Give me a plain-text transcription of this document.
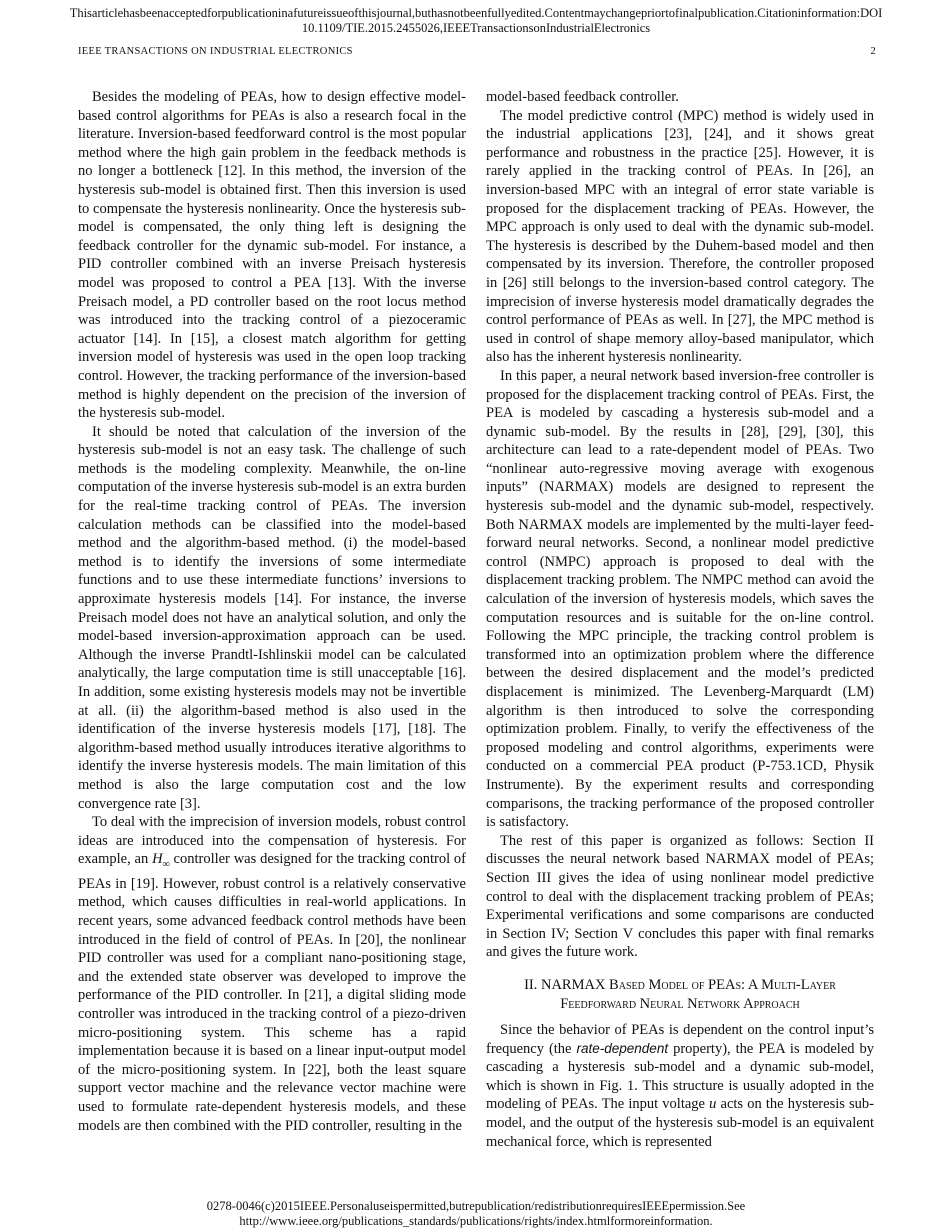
Thisarticlehasbeenacceptedforpublicationinafutureissueofthisjournal,buthasnotbeenfullyedited.Contentmaychangepriortofinalpublication.Citationinformation:DOI
10.1109/TIE.2015.2455026,IEEETransactionsonIndustrialElectronics
IEEE TRANSACTIONS ON INDUSTRIAL ELECTRONICS	2

Besides the modeling of PEAs, how to design effective model-based control algorithms for PEAs is also a research focal in the literature. Inversion-based feedforward control is the most popular method where the high gain problem in the feedback methods is no longer a bottleneck [12]. In this method, the inversion of the hysteresis sub-model is obtained first. Then this inversion is used to compensate the hysteresis nonlinearity. Once the hysteresis sub-model is compensated, the only thing left is designing the feedback controller for the dynamic sub-model. For instance, a PID controller combined with an inverse Preisach hysteresis model was proposed to control a PEA [13]. With the inverse Preisach model, a PD controller based on the root locus method was introduced into the tracking control of a piezoceramic actuator [14]. In [15], a closest match algorithm for getting inversion model of hysteresis was used in the open loop tracking control. However, the tracking performance of the inversion-based method is highly dependent on the precision of the inversion of the hysteresis sub-model.

It should be noted that calculation of the inversion of the hysteresis sub-model is not an easy task. The challenge of such methods is the modeling complexity. Meanwhile, the on-line computation of the inverse hysteresis sub-model is an extra burden for the real-time tracking control of PEAs. The inversion calculation methods can be classified into the model-based method and the algorithm-based method. (i) the model-based method is to identify the inversions of some intermediate functions and to use these intermediate functions’ inversions to approximate hysteresis models [14]. For instance, the inverse Preisach model does not have an analytical solution, and only the model-based inversion-approximation approach can be used. Although the inverse Prandtl-Ishlinskii model can be calculated analytically, the large computation time is still unacceptable [16]. In addition, some existing hysteresis models may not be invertible at all. (ii) the algorithm-based method is also used in the identification of the inverse hysteresis models [17], [18]. The algorithm-based method usually introduces iterative algorithms to identify the inverse hysteresis models. The main limitation of this method is also the large computation cost and the low convergence rate [3].

To deal with the imprecision of inversion models, robust control ideas are introduced into the compensation of hysteresis. For example, an $H_\infty$ controller was designed for the tracking control of PEAs in [19]. However, robust control is a relatively conservative method, which causes difficulties in real-world applications. In recent years, some advanced feedback control methods have been introduced in the field of control of PEAs. In [20], the nonlinear PID controller was used for a compliant nano-positioning stage, and the extended state observer was developed to improve the performance of the PID controller. In [21], a digital sliding mode controller was introduced in the tracking control of a piezo-driven micro-positioning system. This scheme has a rapid implementation because it is based on a linear input-output model of the micro-positioning system. In [22], both the least square support vector machine and the relevance vector machine were used to formulate rate-dependent hysteresis models, and these models are then combined with the PID controller, resulting in the

model-based feedback controller.

The model predictive control (MPC) method is widely used in the industrial applications [23], [24], and it shows great performance and robustness in the practice [25]. However, it is rarely applied in the tracking control of PEAs. In [26], an inversion-based MPC with an integral of error state variable is proposed for the displacement tracking of PEAs. However, the MPC approach is only used to deal with the dynamic sub-model. The hysteresis is described by the Duhem-based model and then compensated by its inversion. Therefore, the controller proposed in [26] still belongs to the inversion-based control category. The imprecision of inverse hysteresis model dramatically degrades the control performance of PEAs as well. In [27], the MPC method is used in control of shape memory alloy-based manipulator, which also has the inherent hysteresis nonlinearity.

In this paper, a neural network based inversion-free controller is proposed for the displacement tracking control of PEAs. First, the PEA is modeled by cascading a hysteresis sub-model and a dynamic sub-model. By the results in [28], [29], [30], this architecture can lead to a rate-dependent model of PEAs. Two “nonlinear auto-regressive moving average with exogenous inputs” (NARMAX) models are designed to represent the hysteresis sub-model and the dynamic sub-model, respectively. Both NARMAX models are implemented by the multi-layer feed-forward neural networks. Second, a nonlinear model predictive control (NMPC) approach is proposed to deal with the displacement tracking problem. The NMPC method can avoid the calculation of the inversion of hysteresis models, which saves the computation resources and is suitable for the on-line control. Following the MPC principle, the tracking control problem is transformed into an optimization problem where the difference between the desired displacement and the model’s predicted displacement is minimized. The Levenberg-Marquardt (LM) algorithm is then introduced to solve the corresponding optimization problem. Finally, to verify the effectiveness of the proposed modeling and control algorithms, experiments were conducted on a commercial PEA product (P-753.1CD, Physik Instrumente). By the experiment results and corresponding comparisons, the tracking performance of the proposed controller is satisfactory.

The rest of this paper is organized as follows: Section II discusses the neural network based NARMAX model of PEAs; Section III gives the idea of using nonlinear model predictive control to deal with the displacement tracking problem of PEAs; Experimental verifications and some comparisons are conducted in Section IV; Section V concludes this paper with final remarks and gives the future work.

II. NARMAX Based Model of PEAs: A Multi-Layer
Feedforward Neural Network Approach

Since the behavior of PEAs is dependent on the control input’s frequency (the rate-dependent property), the PEA is modeled by cascading a hysteresis sub-model and a dynamic sub-model, which is shown in Fig. 1. This structure is usually adopted in the modeling of PEAs. The input voltage u acts on the hysteresis sub-model, and the output of the hysteresis sub-model is an equivalent mechanical force, which is represented

0278-0046(c)2015IEEE.Personaluseispermitted,butrepublication/redistributionrequiresIEEEpermission.See
http://www.ieee.org/publications_standards/publications/rights/index.htmlformoreinformation.
